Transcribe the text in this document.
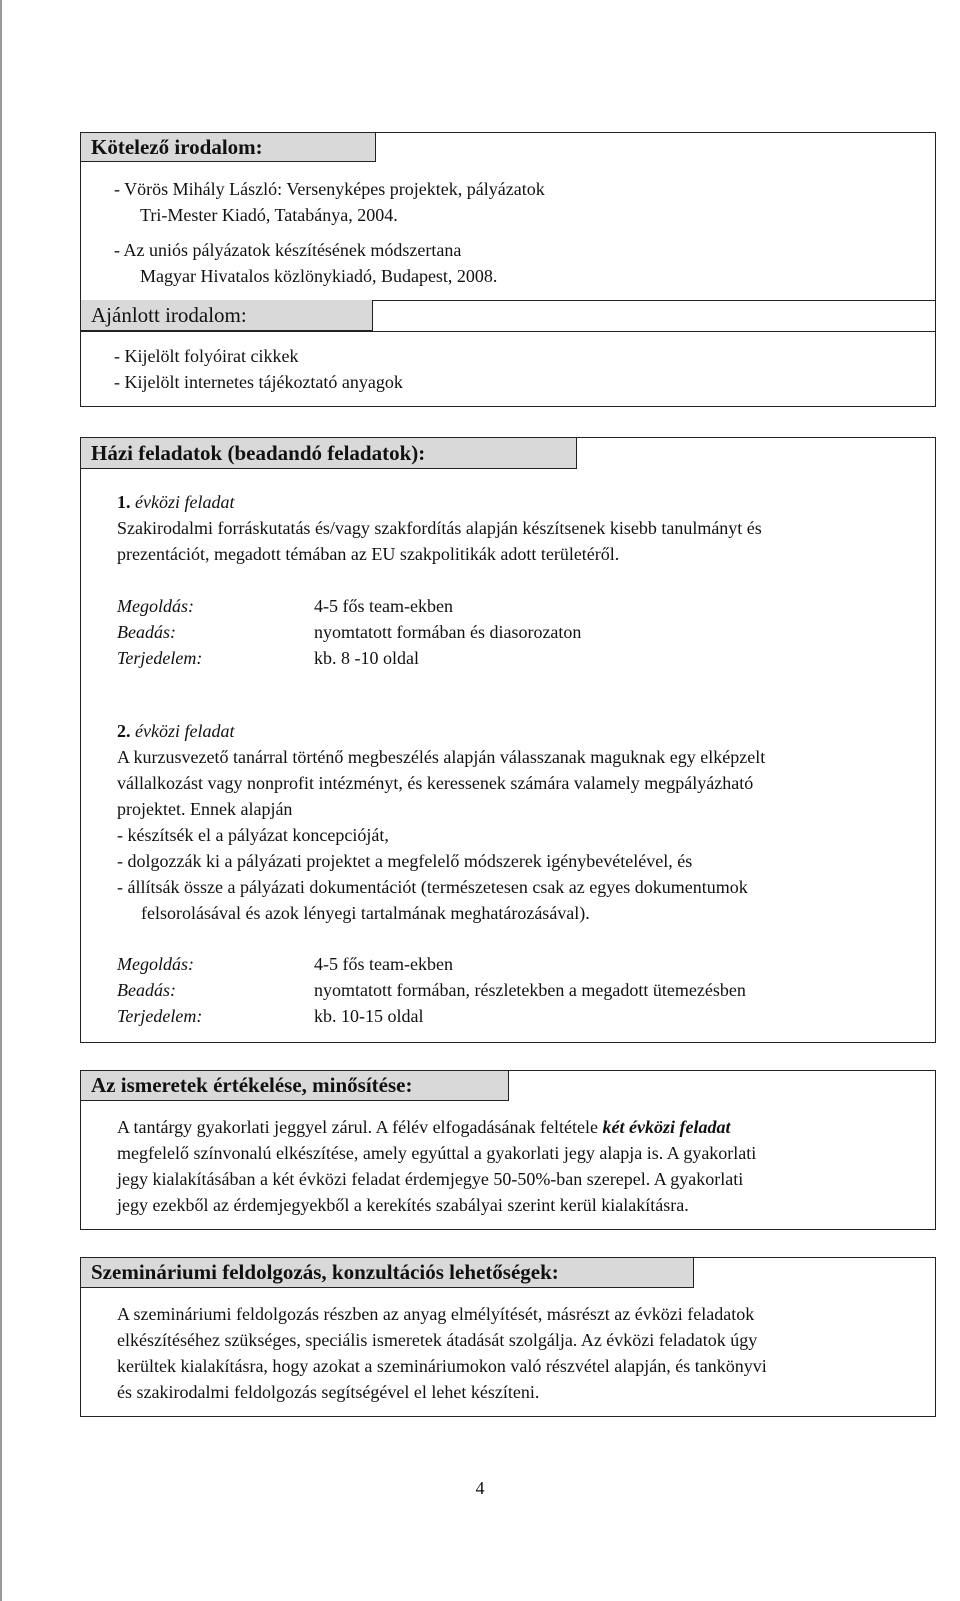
Kötelező irodalom:
- Vörös Mihály László: Versenyképes projektek, pályázatok
Tri-Mester Kiadó, Tatabánya, 2004.
- Az uniós pályázatok készítésének módszertana
Magyar Hivatalos közlönykiadó, Budapest, 2008.
Ajánlott irodalom:
- Kijelölt folyóirat cikkek
- Kijelölt internetes tájékoztató anyagok
Házi feladatok (beadandó feladatok):
1. évközi feladat
Szakirodalmi forráskutatás és/vagy szakfordítás alapján készítsenek kisebb tanulmányt és
prezentációt, megadott témában az EU szakpolitikák adott területéről.
Megoldás:	4-5 fős team-ekben
Beadás:	nyomtatott formában és diasorozaton
Terjedelem:	kb. 8 -10 oldal
2. évközi feladat
A kurzusvezető tanárral történő megbeszélés alapján válasszanak maguknak egy elképzelt
vállalkozást vagy nonprofit intézményt, és keressenek számára valamely megpályázható
projektet. Ennek alapján
- készítsék el a pályázat koncepcióját,
- dolgozzák ki a pályázati projektet a megfelelő módszerek igénybevételével, és
- állítsák össze a pályázati dokumentációt (természetesen csak az egyes dokumentumok
felsorolásával és azok lényegi tartalmának meghatározásával).
Megoldás:	4-5 fős team-ekben
Beadás:	nyomtatott formában, részletekben a megadott ütemezésben
Terjedelem:	kb. 10-15 oldal
Az ismeretek értékelése, minősítése:
A tantárgy gyakorlati jeggyel zárul. A félév elfogadásának feltétele két évközi feladat
megfelelő színvonalú elkészítése, amely egyúttal a gyakorlati jegy alapja is. A gyakorlati
jegy kialakításában a két évközi feladat érdemjegye 50-50%-ban szerepel. A gyakorlati
jegy ezekből az érdemjegyekből a kerekítés szabályai szerint kerül kialakításra.
Szemináriumi feldolgozás, konzultációs lehetőségek:
A szemináriumi feldolgozás részben az anyag elmélyítését, másrészt az évközi feladatok
elkészítéséhez szükséges, speciális ismeretek átadását szolgálja. Az évközi feladatok úgy
kerültek kialakításra, hogy azokat a szemináriumokon való részvétel alapján, és tankönyvi
és szakirodalmi feldolgozás segítségével el lehet készíteni.
4
